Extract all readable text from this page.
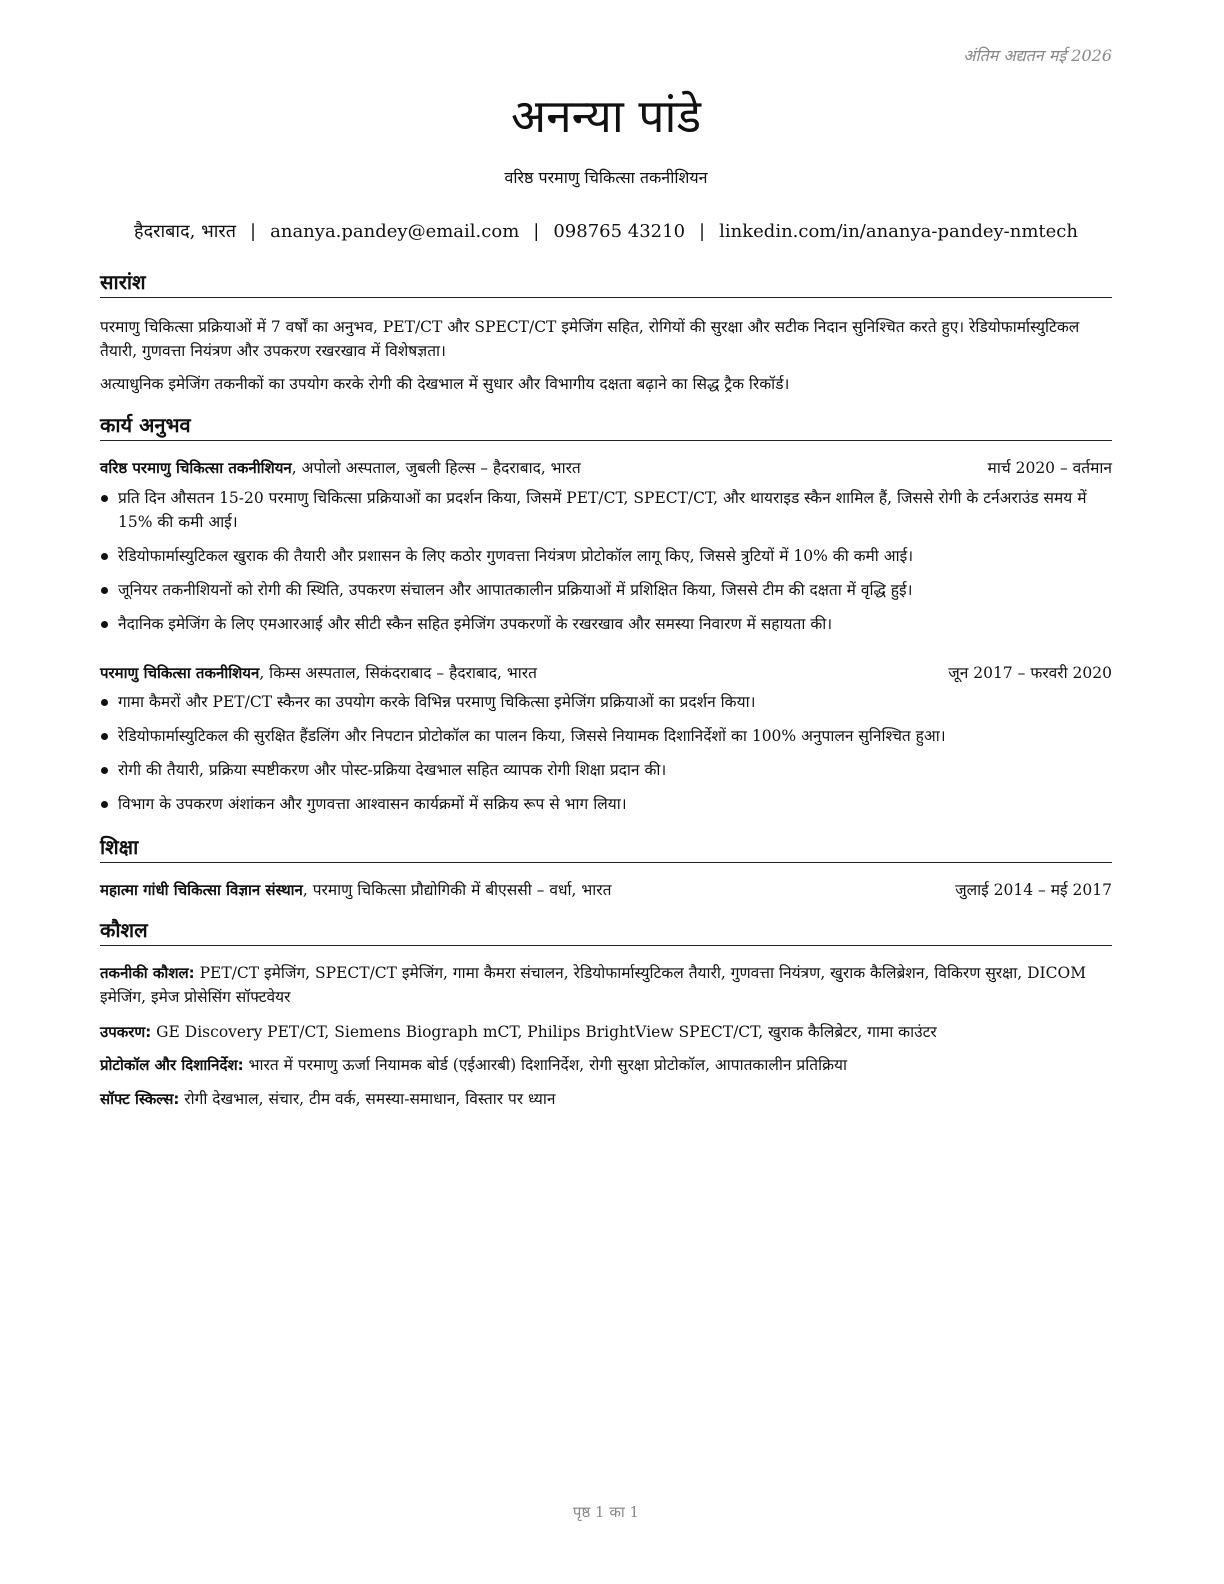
अंतिम अद्यतन मई 2026
अनन्या पांडे
वरिष्ठ परमाणु चिकित्सा तकनीशियन
हैदराबाद, भारत | ananya.pandey@email.com | 098765 43210 | linkedin.com/in/ananya-pandey-nmtech
सारांश
परमाणु चिकित्सा प्रक्रियाओं में 7 वर्षों का अनुभव, PET/CT और SPECT/CT इमेजिंग सहित, रोगियों की सुरक्षा और सटीक निदान सुनिश्चित करते हुए। रेडियोफार्मास्युटिकल तैयारी, गुणवत्ता नियंत्रण और उपकरण रखरखाव में विशेषज्ञता।
अत्याधुनिक इमेजिंग तकनीकों का उपयोग करके रोगी की देखभाल में सुधार और विभागीय दक्षता बढ़ाने का सिद्ध ट्रैक रिकॉर्ड।
कार्य अनुभव
वरिष्ठ परमाणु चिकित्सा तकनीशियन, अपोलो अस्पताल, जुबली हिल्स – हैदराबाद, भारत	मार्च 2020 – वर्तमान
प्रति दिन औसतन 15-20 परमाणु चिकित्सा प्रक्रियाओं का प्रदर्शन किया, जिसमें PET/CT, SPECT/CT, और थायराइड स्कैन शामिल हैं, जिससे रोगी के टर्नअराउंड समय में 15% की कमी आई।
रेडियोफार्मास्युटिकल खुराक की तैयारी और प्रशासन के लिए कठोर गुणवत्ता नियंत्रण प्रोटोकॉल लागू किए, जिससे त्रुटियों में 10% की कमी आई।
जूनियर तकनीशियनों को रोगी की स्थिति, उपकरण संचालन और आपातकालीन प्रक्रियाओं में प्रशिक्षित किया, जिससे टीम की दक्षता में वृद्धि हुई।
नैदानिक इमेजिंग के लिए एमआरआई और सीटी स्कैन सहित इमेजिंग उपकरणों के रखरखाव और समस्या निवारण में सहायता की।
परमाणु चिकित्सा तकनीशियन, किम्स अस्पताल, सिकंदराबाद – हैदराबाद, भारत	जून 2017 – फरवरी 2020
गामा कैमरों और PET/CT स्कैनर का उपयोग करके विभिन्न परमाणु चिकित्सा इमेजिंग प्रक्रियाओं का प्रदर्शन किया।
रेडियोफार्मास्युटिकल की सुरक्षित हैंडलिंग और निपटान प्रोटोकॉल का पालन किया, जिससे नियामक दिशानिर्देशों का 100% अनुपालन सुनिश्चित हुआ।
रोगी की तैयारी, प्रक्रिया स्पष्टीकरण और पोस्ट-प्रक्रिया देखभाल सहित व्यापक रोगी शिक्षा प्रदान की।
विभाग के उपकरण अंशांकन और गुणवत्ता आश्वासन कार्यक्रमों में सक्रिय रूप से भाग लिया।
शिक्षा
महात्मा गांधी चिकित्सा विज्ञान संस्थान, परमाणु चिकित्सा प्रौद्योगिकी में बीएससी – वर्धा, भारत	जुलाई 2014 – मई 2017
कौशल
तकनीकी कौशल: PET/CT इमेजिंग, SPECT/CT इमेजिंग, गामा कैमरा संचालन, रेडियोफार्मास्युटिकल तैयारी, गुणवत्ता नियंत्रण, खुराक कैलिब्रेशन, विकिरण सुरक्षा, DICOM इमेजिंग, इमेज प्रोसेसिंग सॉफ्टवेयर
उपकरण: GE Discovery PET/CT, Siemens Biograph mCT, Philips BrightView SPECT/CT, खुराक कैलिब्रेटर, गामा काउंटर
प्रोटोकॉल और दिशानिर्देश: भारत में परमाणु ऊर्जा नियामक बोर्ड (एईआरबी) दिशानिर्देश, रोगी सुरक्षा प्रोटोकॉल, आपातकालीन प्रतिक्रिया
सॉफ्ट स्किल्स: रोगी देखभाल, संचार, टीम वर्क, समस्या-समाधान, विस्तार पर ध्यान
पृष्ठ 1 का 1
